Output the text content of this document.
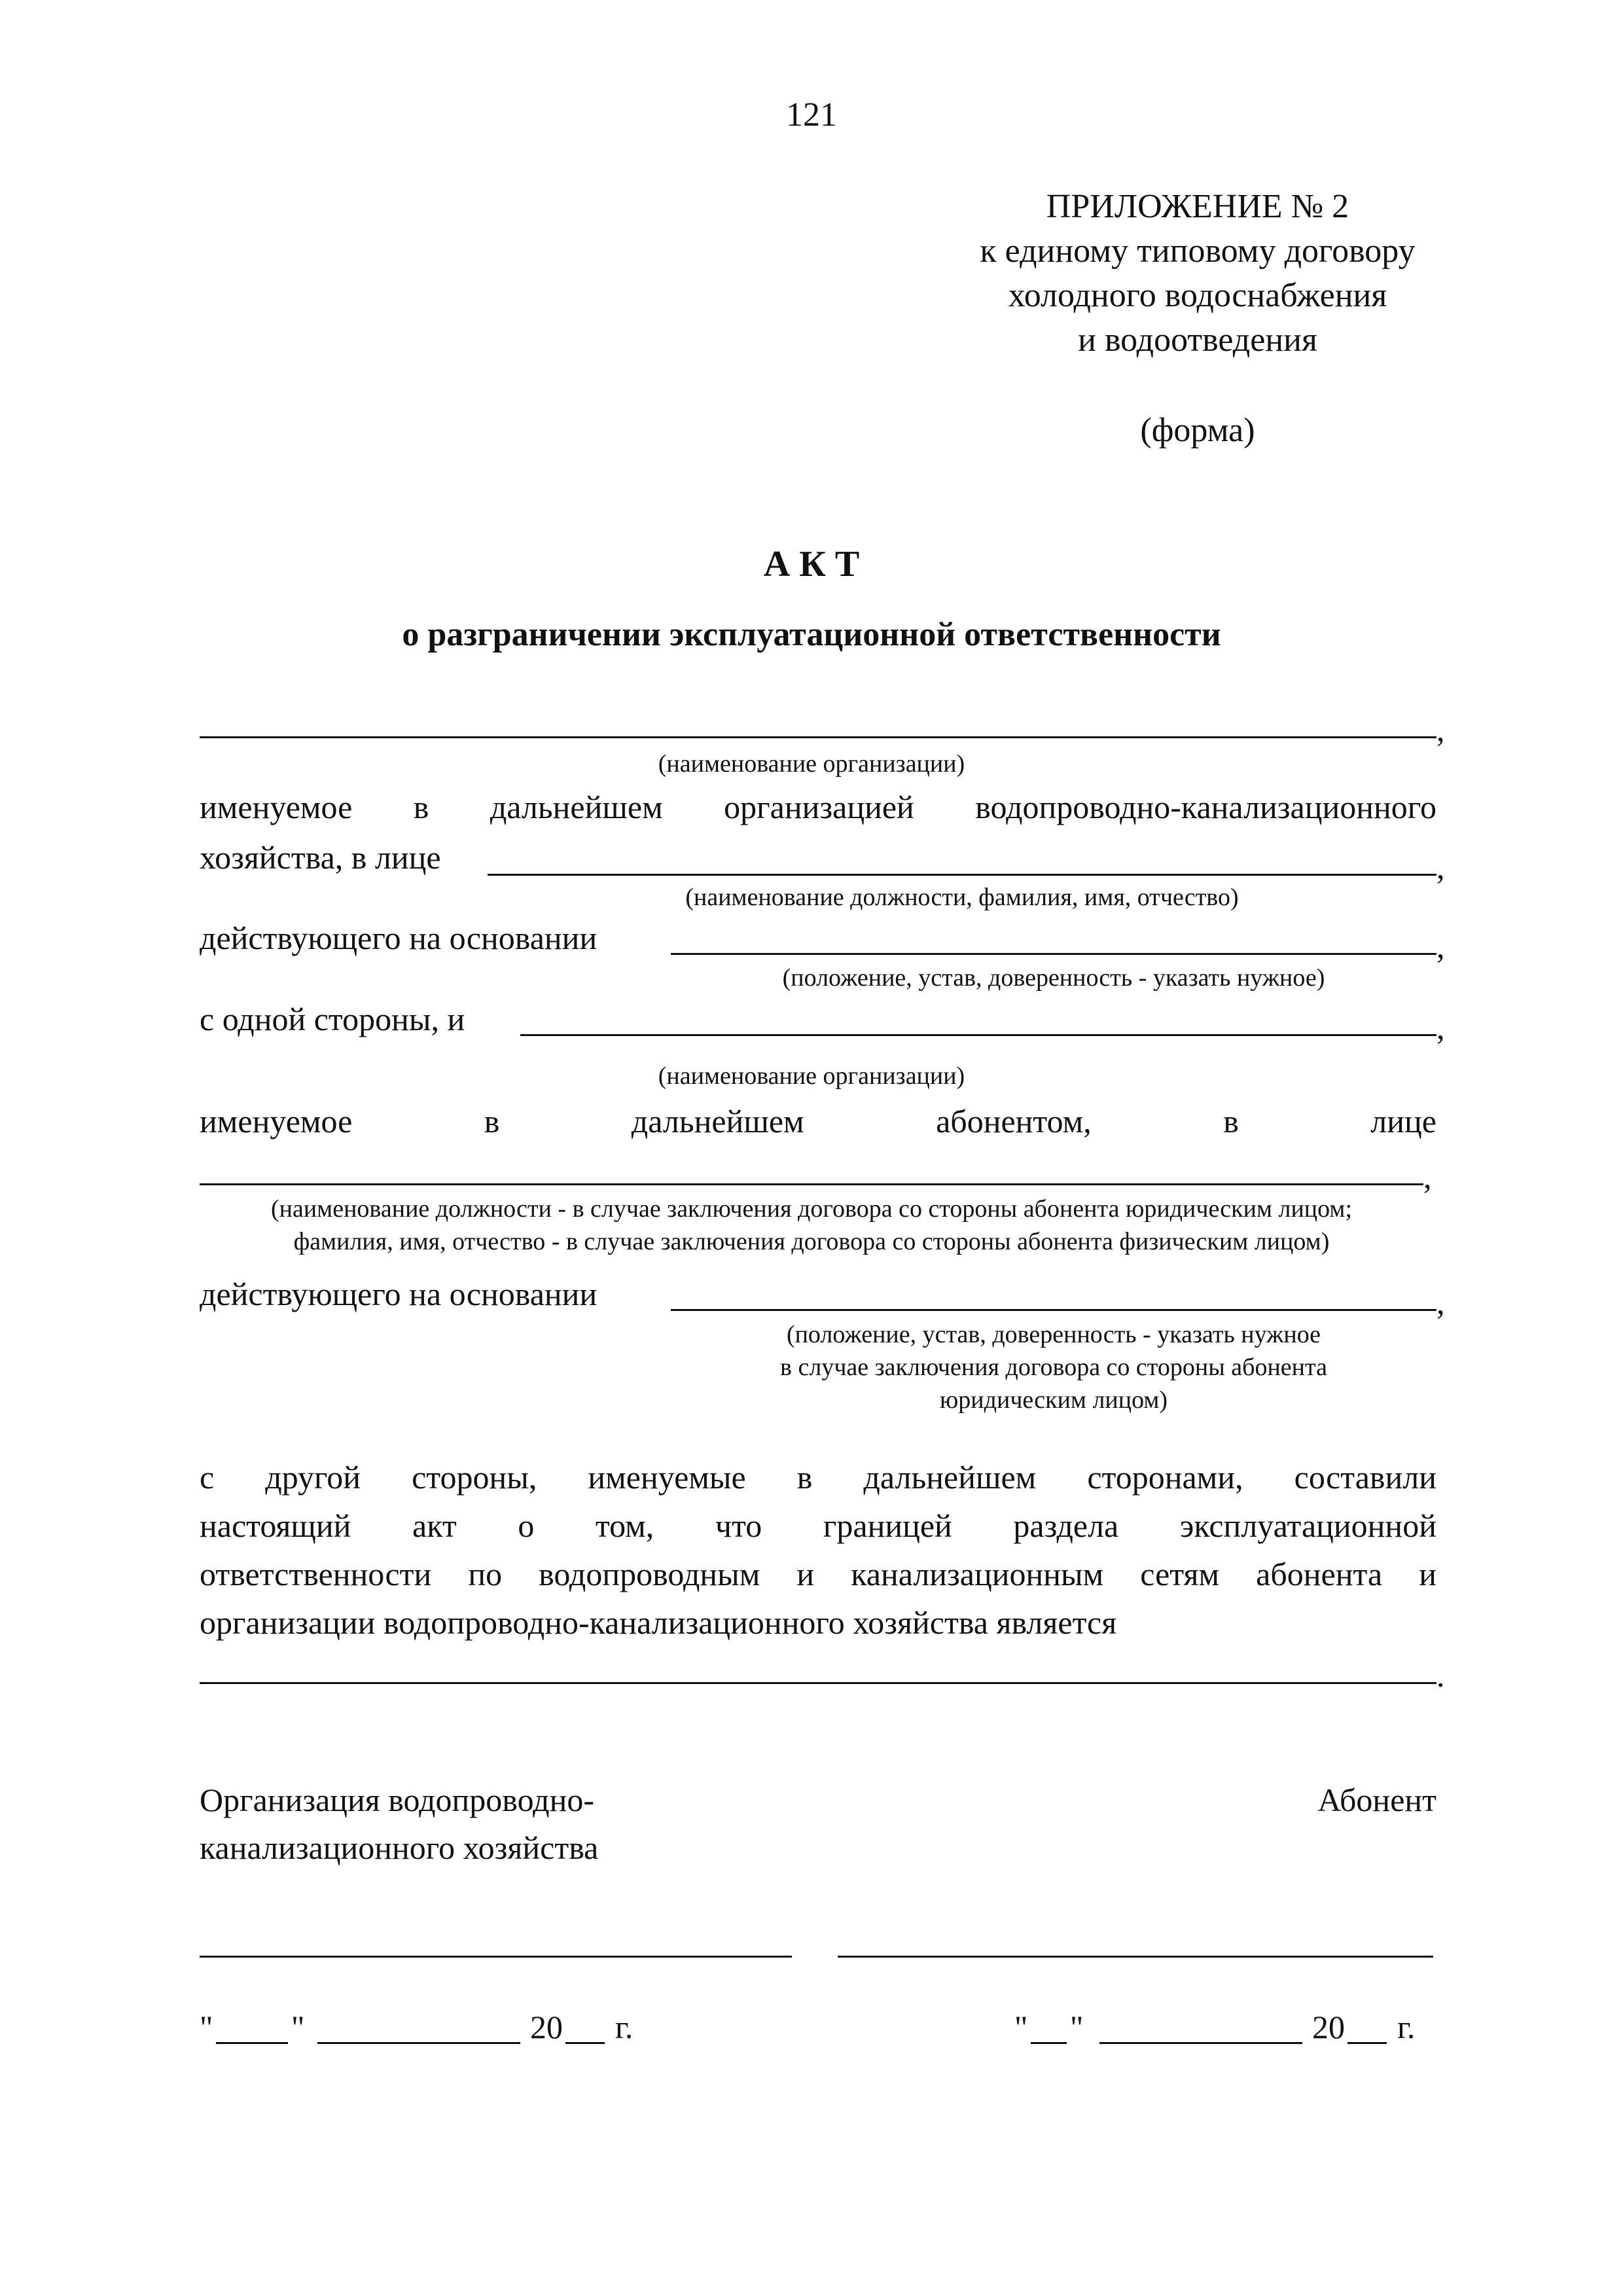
121
ПРИЛОЖЕНИЕ № 2
к единому типовому договору
холодного водоснабжения
и водоотведения
(форма)
А К Т
о разграничении эксплуатационной ответственности
,
(наименование организации)
именуемое в дальнейшем организацией водопроводно-канализационного
хозяйства, в лице	,
(наименование должности, фамилия, имя, отчество)
действующего на основании	,
(положение, устав, доверенность - указать нужное)
с одной стороны, и	,
(наименование организации)
именуемое	в	дальнейшем	абонентом,	в	лице
,
(наименование должности - в случае заключения договора со стороны абонента юридическим лицом;
фамилия, имя, отчество - в случае заключения договора со стороны абонента физическим лицом)
действующего на основании	,
(положение, устав, доверенность - указать нужное
в случае заключения договора со стороны абонента
юридическим лицом)
с другой стороны, именуемые в дальнейшем сторонами, составили
настоящий акт о том, что границей раздела эксплуатационной
ответственности по водопроводным и канализационным сетям абонента и
организации водопроводно-канализационного хозяйства является
.
Организация водопроводно-
канализационного хозяйства
Абонент
" "	20 г.	" "	20 г.
